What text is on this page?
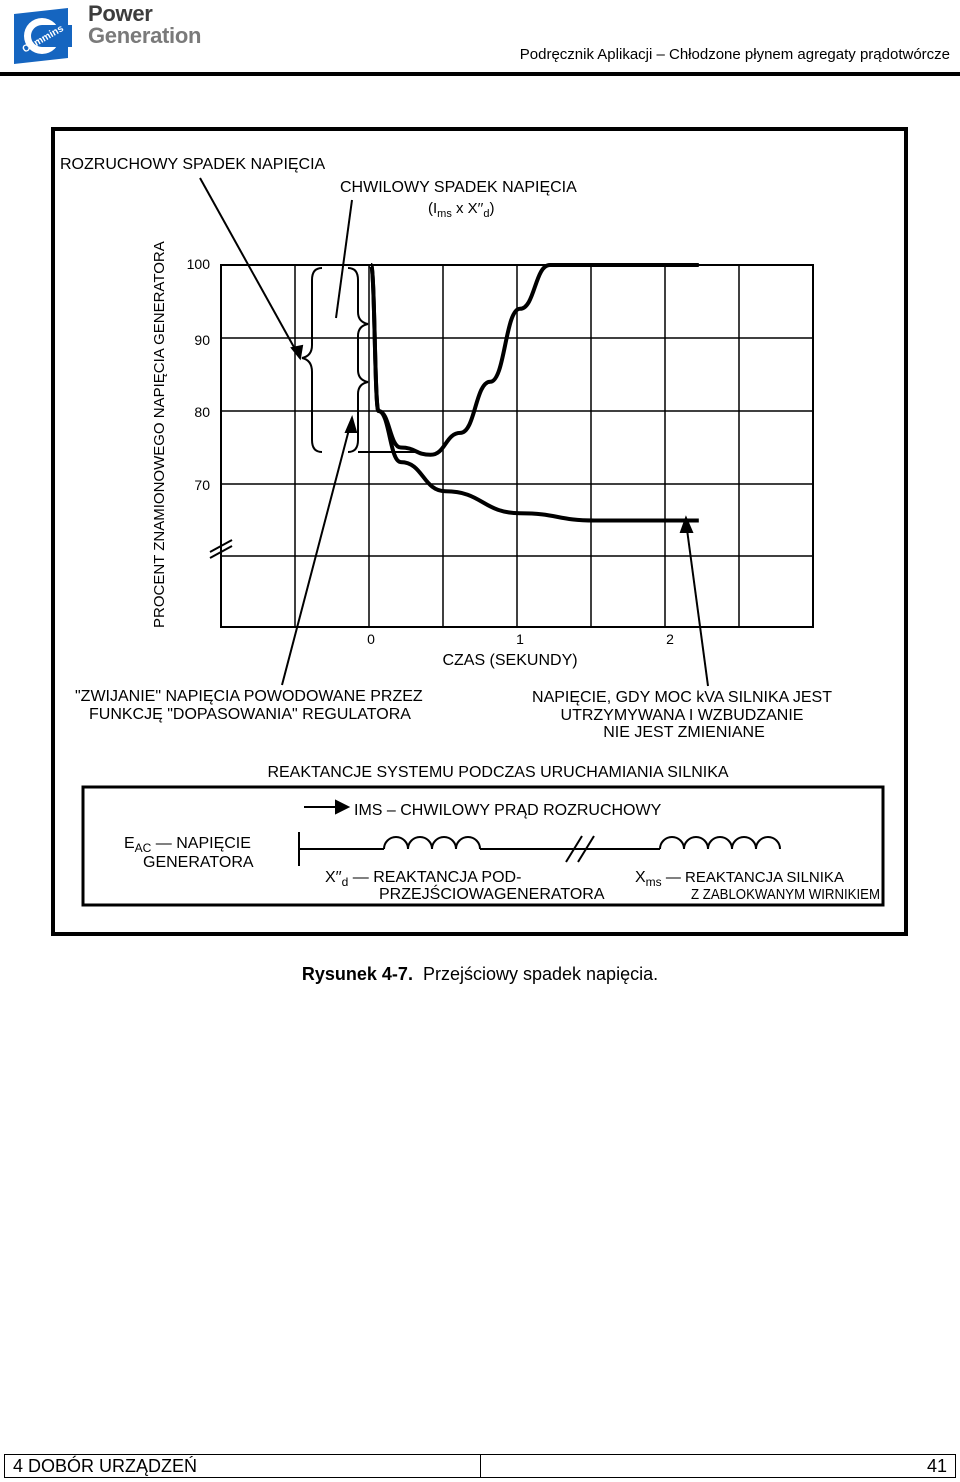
Cummins
Power
Generation
Podręcznik Aplikacji – Chłodzone płynem agregaty prądotwórcze
ROZRUCHOWY SPADEK NAPIĘCIA
CHWILOWY SPADEK NAPIĘCIA
($I_{ms}$ x $X''_d$)
PROCENT ZNAMIONOWEGO NAPIĘCIA GENERATORA 100
90
80
70
0	1	2
CZAS (SEKUNDY)
"ZWIJANIE" NAPIĘCIA POWODOWANE PRZEZ
FUNKCJĘ "DOPASOWANIA" REGULATORA
NAPIĘCIE, GDY MOC kVA SILNIKA JEST
UTRZYMYWANA I WZBUDZANIE
NIE JEST ZMIENIANE
REAKTANCJE SYSTEMU PODCZAS URUCHAMIANIA SILNIKA
IMS – CHWILOWY PRĄD ROZRUCHOWY
$E_{AC}$ — NAPIĘCIE
GENERATORA
$X''_d$ — REAKTANCJA POD-
PRZEJŚCIOWAGENERATORA
$X_{ms}$ — REAKTANCJA SILNIKA
Z ZABLOKWANYM WIRNIKIEM
Rysunek 4-7. Przejściowy spadek napięcia.
4 DOBÓR URZĄDZEŃ	41
